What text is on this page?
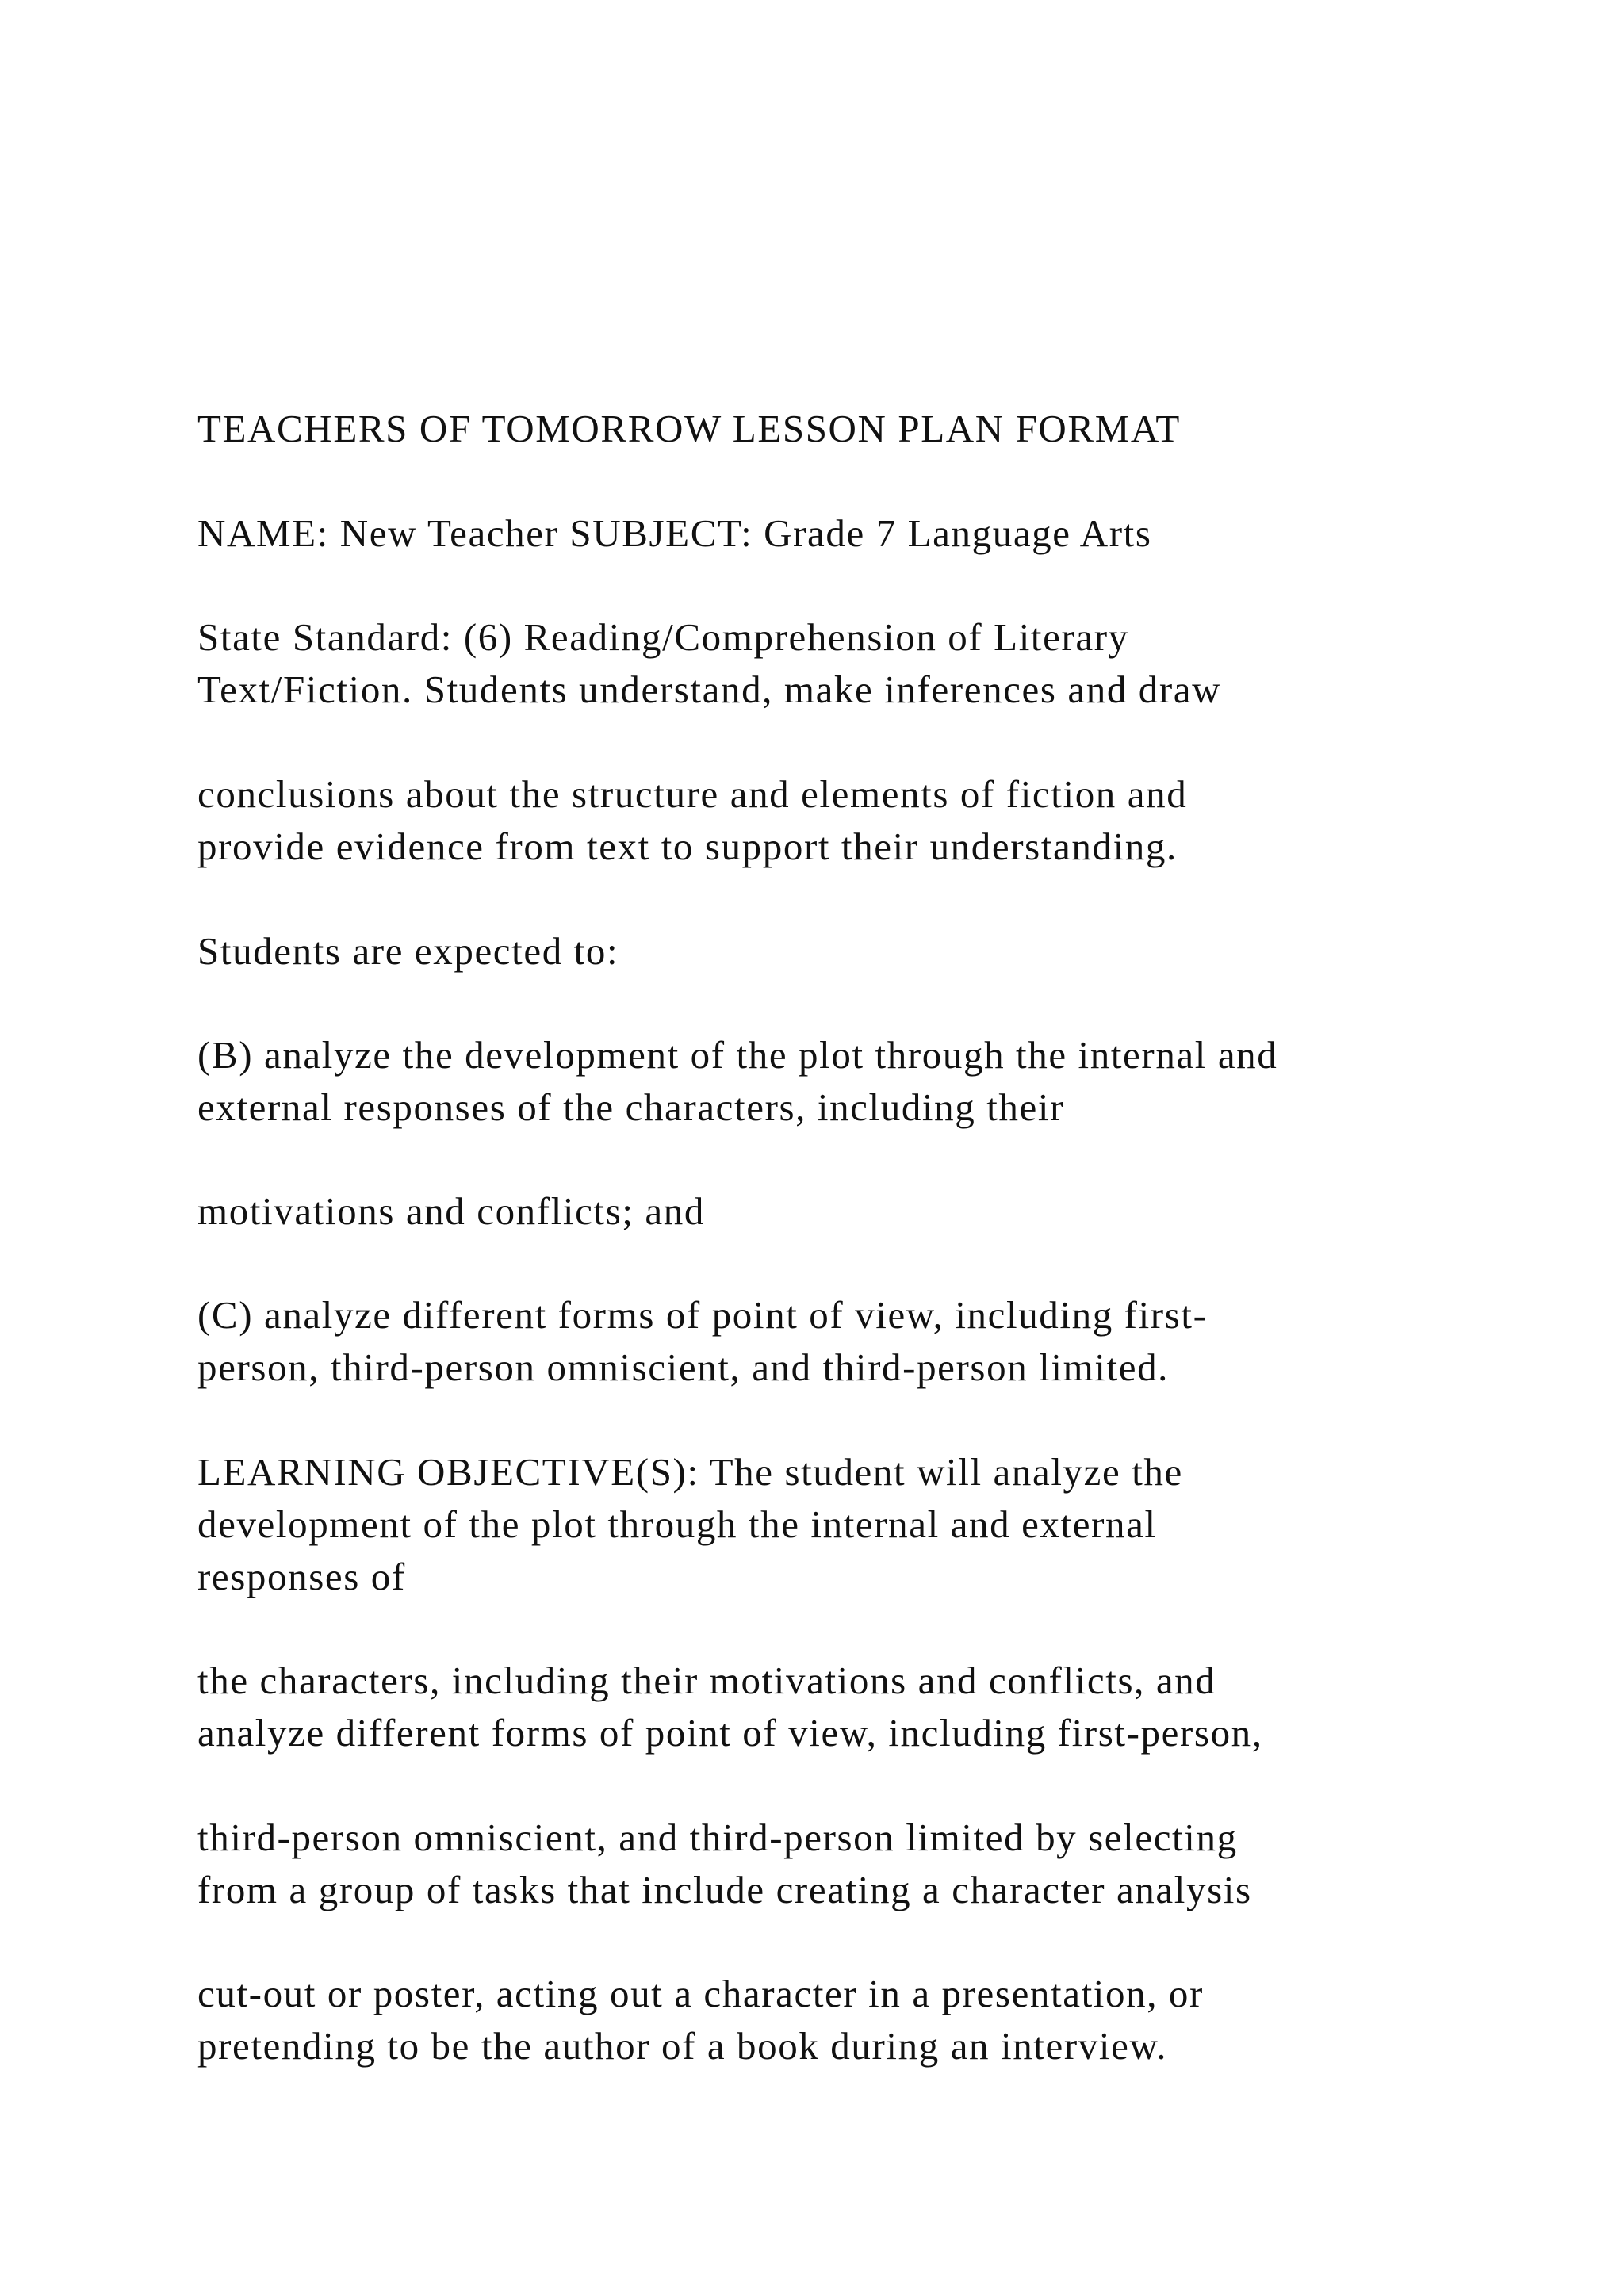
TEACHERS OF TOMORROW LESSON PLAN FORMAT

NAME: New Teacher SUBJECT: Grade 7 Language Arts

State Standard: (6) Reading/Comprehension of Literary
Text/Fiction. Students understand, make inferences and draw

conclusions about the structure and elements of fiction and
provide evidence from text to support their understanding.

Students are expected to:

(B) analyze the development of the plot through the internal and
external responses of the characters, including their

motivations and conflicts; and

(C) analyze different forms of point of view, including first-
person, third-person omniscient, and third-person limited.

LEARNING OBJECTIVE(S): The student will analyze the
development of the plot through the internal and external
responses of

the characters, including their motivations and conflicts, and
analyze different forms of point of view, including first-person,

third-person omniscient, and third-person limited by selecting
from a group of tasks that include creating a character analysis

cut-out or poster, acting out a character in a presentation, or
pretending to be the author of a book during an interview.
